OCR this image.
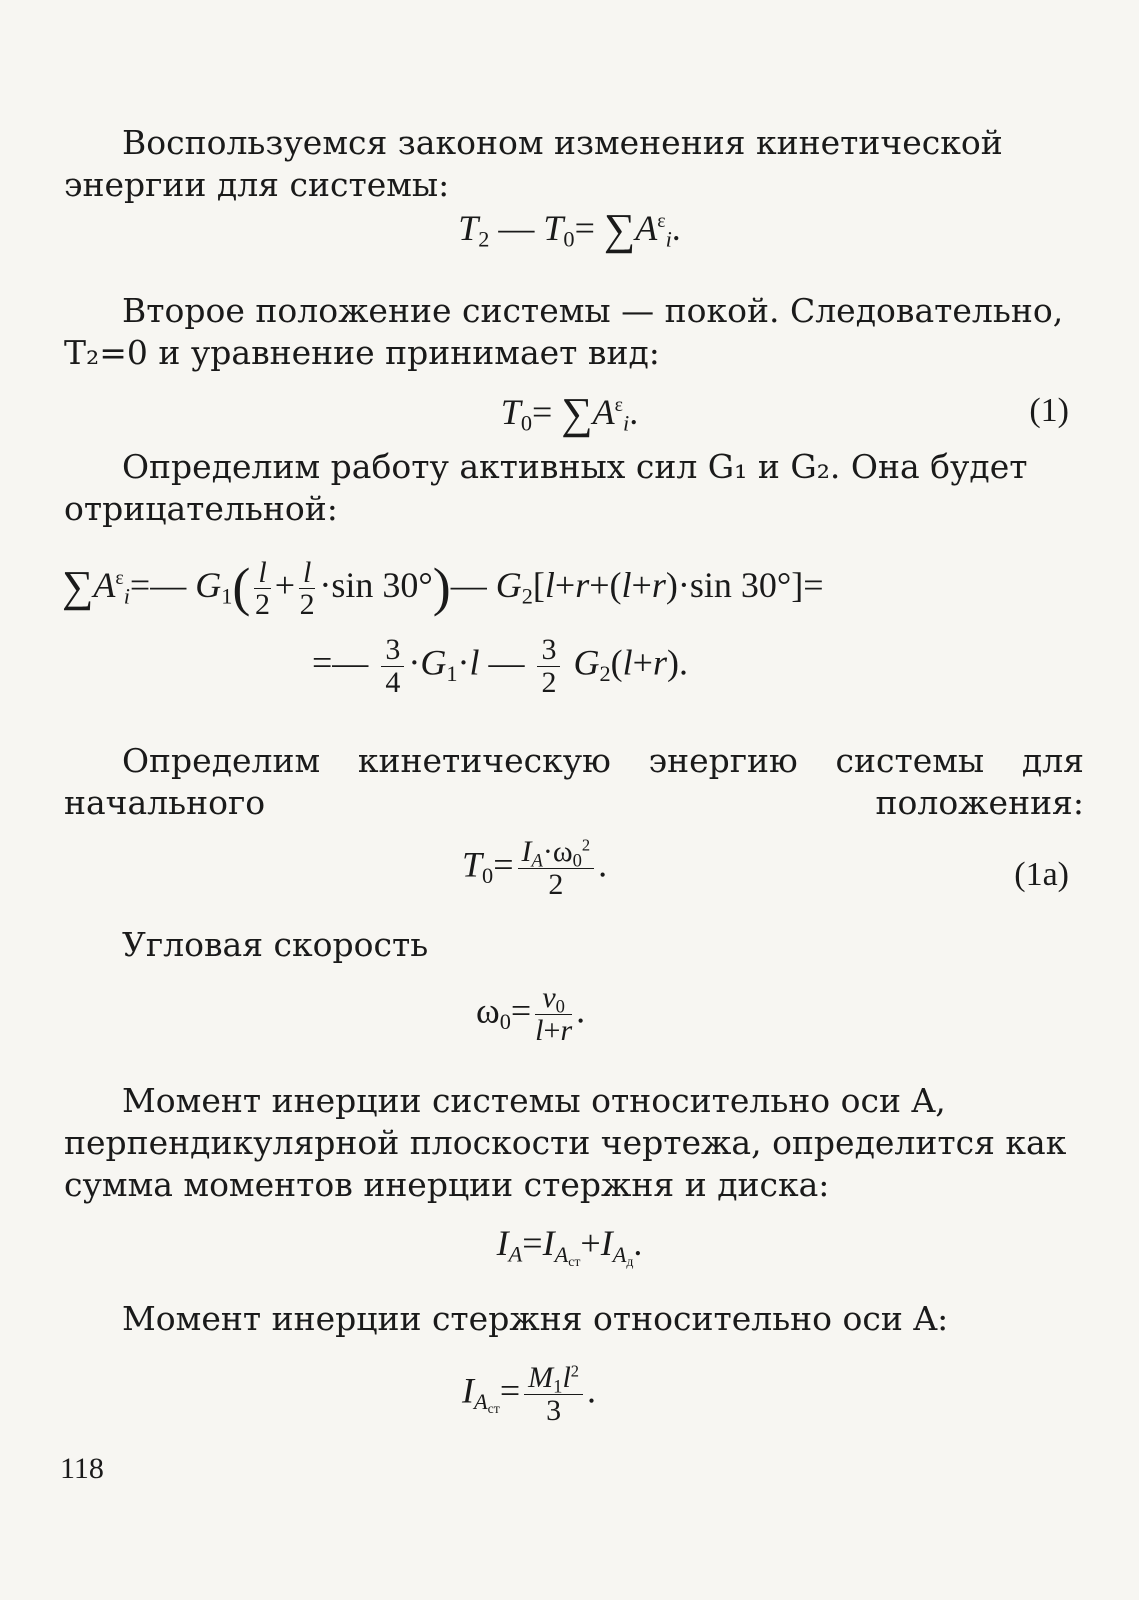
Воспользуемся законом изменения кинетической энергии для системы:

$T_2$ — $T_0= \sum A^\varepsilon_i$.

Второе положение системы — покой. Следовательно, T₂=0 и уравнение принимает вид:

$T_0= \sum A^\varepsilon_i$.	(1)

Определим работу активных сил G₁ и G₂. Она будет отрицательной:

$\sum A^\varepsilon_i=—$ $G_1( \frac{l}{2} + \frac{l}{2} \cdot\sin$ 30°)— $G_2[l+r+(l+r)\cdot\sin$ 30°]=
=— $\frac{3}{4} \cdot G_1\cdot l$ — $\frac{3}{2} G_2(l+r)$.

Определим кинетическую энергию системы для начального положения:

$T_0= \frac{I_A\cdot\omega_0^2}{2}$ .	(1a)

Угловая скорость

$\omega_0= \frac{v_0}{l+r}$ .

Момент инерции системы относительно оси A, перпендикулярной плоскости чертежа, определится как сумма моментов инерции стержня и диска:

$I_A=I_{A_{ст}}+I_{A_д}$.

Момент инерции стержня относительно оси A:

$I_{A_{ст}}= \frac{M_1l^2}{3}$ .
118
